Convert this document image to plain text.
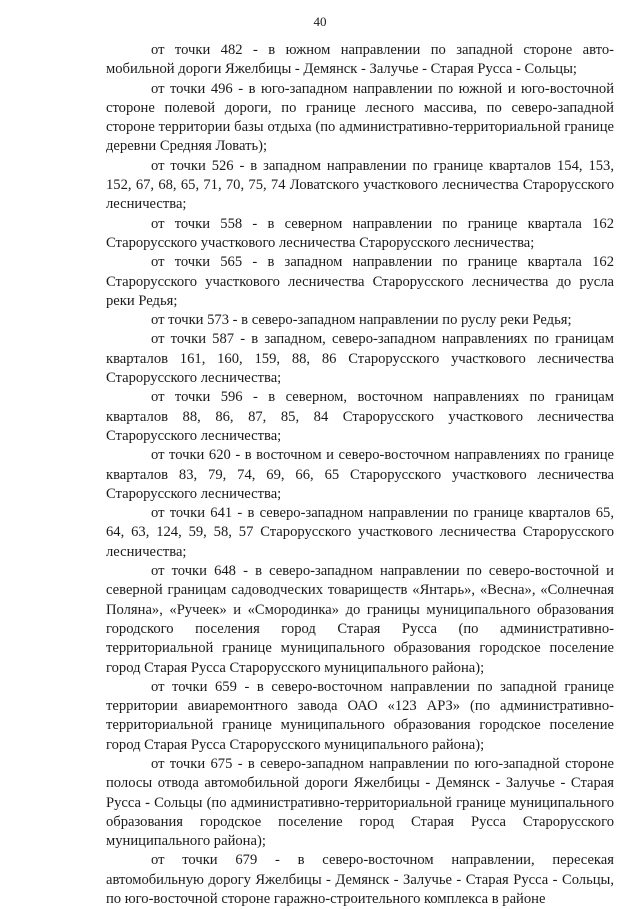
40

от точки 482 - в южном направлении по западной стороне авто-мобильной дороги Яжелбицы - Демянск - Залучье - Старая Русса - Сольцы;

от точки 496 - в юго-западном направлении по южной и юго-восточной стороне полевой дороги, по границе лесного массива, по северо-западной стороне территории базы отдыха (по административно-территориальной границе деревни Средняя Ловать);

от точки 526 - в западном направлении по границе кварталов 154, 153, 152, 67, 68, 65, 71, 70, 75, 74 Ловатского участкового лесничества Старорусского лесничества;

от точки 558 - в северном направлении по границе квартала 162 Старорусского участкового лесничества Старорусского лесничества;

от точки 565 - в западном направлении по границе квартала 162 Старорусского участкового лесничества Старорусского лесничества до русла реки Редья;

от точки 573 - в северо-западном направлении по руслу реки Редья;

от точки 587 - в западном, северо-западном направлениях по границам кварталов 161, 160, 159, 88, 86 Старорусского участкового лесничества Старорусского лесничества;

от точки 596 - в северном, восточном направлениях по границам кварталов 88, 86, 87, 85, 84 Старорусского участкового лесничества Старорусского лесничества;

от точки 620 - в восточном и северо-восточном направлениях по границе кварталов 83, 79, 74, 69, 66, 65 Старорусского участкового лесничества Старорусского лесничества;

от точки 641 - в северо-западном направлении по границе кварталов 65, 64, 63, 124, 59, 58, 57 Старорусского участкового лесничества Старорусского лесничества;

от точки 648 - в северо-западном направлении по северо-восточной и северной границам садоводческих товариществ «Янтарь», «Весна», «Солнечная Поляна», «Ручеек» и «Смородинка» до границы муниципального образования городского поселения город Старая Русса (по административно-территориальной границе муниципального образования городское поселение город Старая Русса Старорусского муниципального района);

от точки 659 - в северо-восточном направлении по западной границе территории авиаремонтного завода ОАО «123 АРЗ» (по административно-территориальной границе муниципального образования городское поселение город Старая Русса Старорусского муниципального района);

от точки 675 - в северо-западном направлении по юго-западной стороне полосы отвода автомобильной дороги Яжелбицы - Демянск - Залучье - Старая Русса - Сольцы (по административно-территориальной границе муниципального образования городское поселение город Старая Русса Старорусского муниципального района);

от точки 679 - в северо-восточном направлении, пересекая автомобильную дорогу Яжелбицы - Демянск - Залучье - Старая Русса - Сольцы, по юго-восточной стороне гаражно-строительного комплекса в районе
